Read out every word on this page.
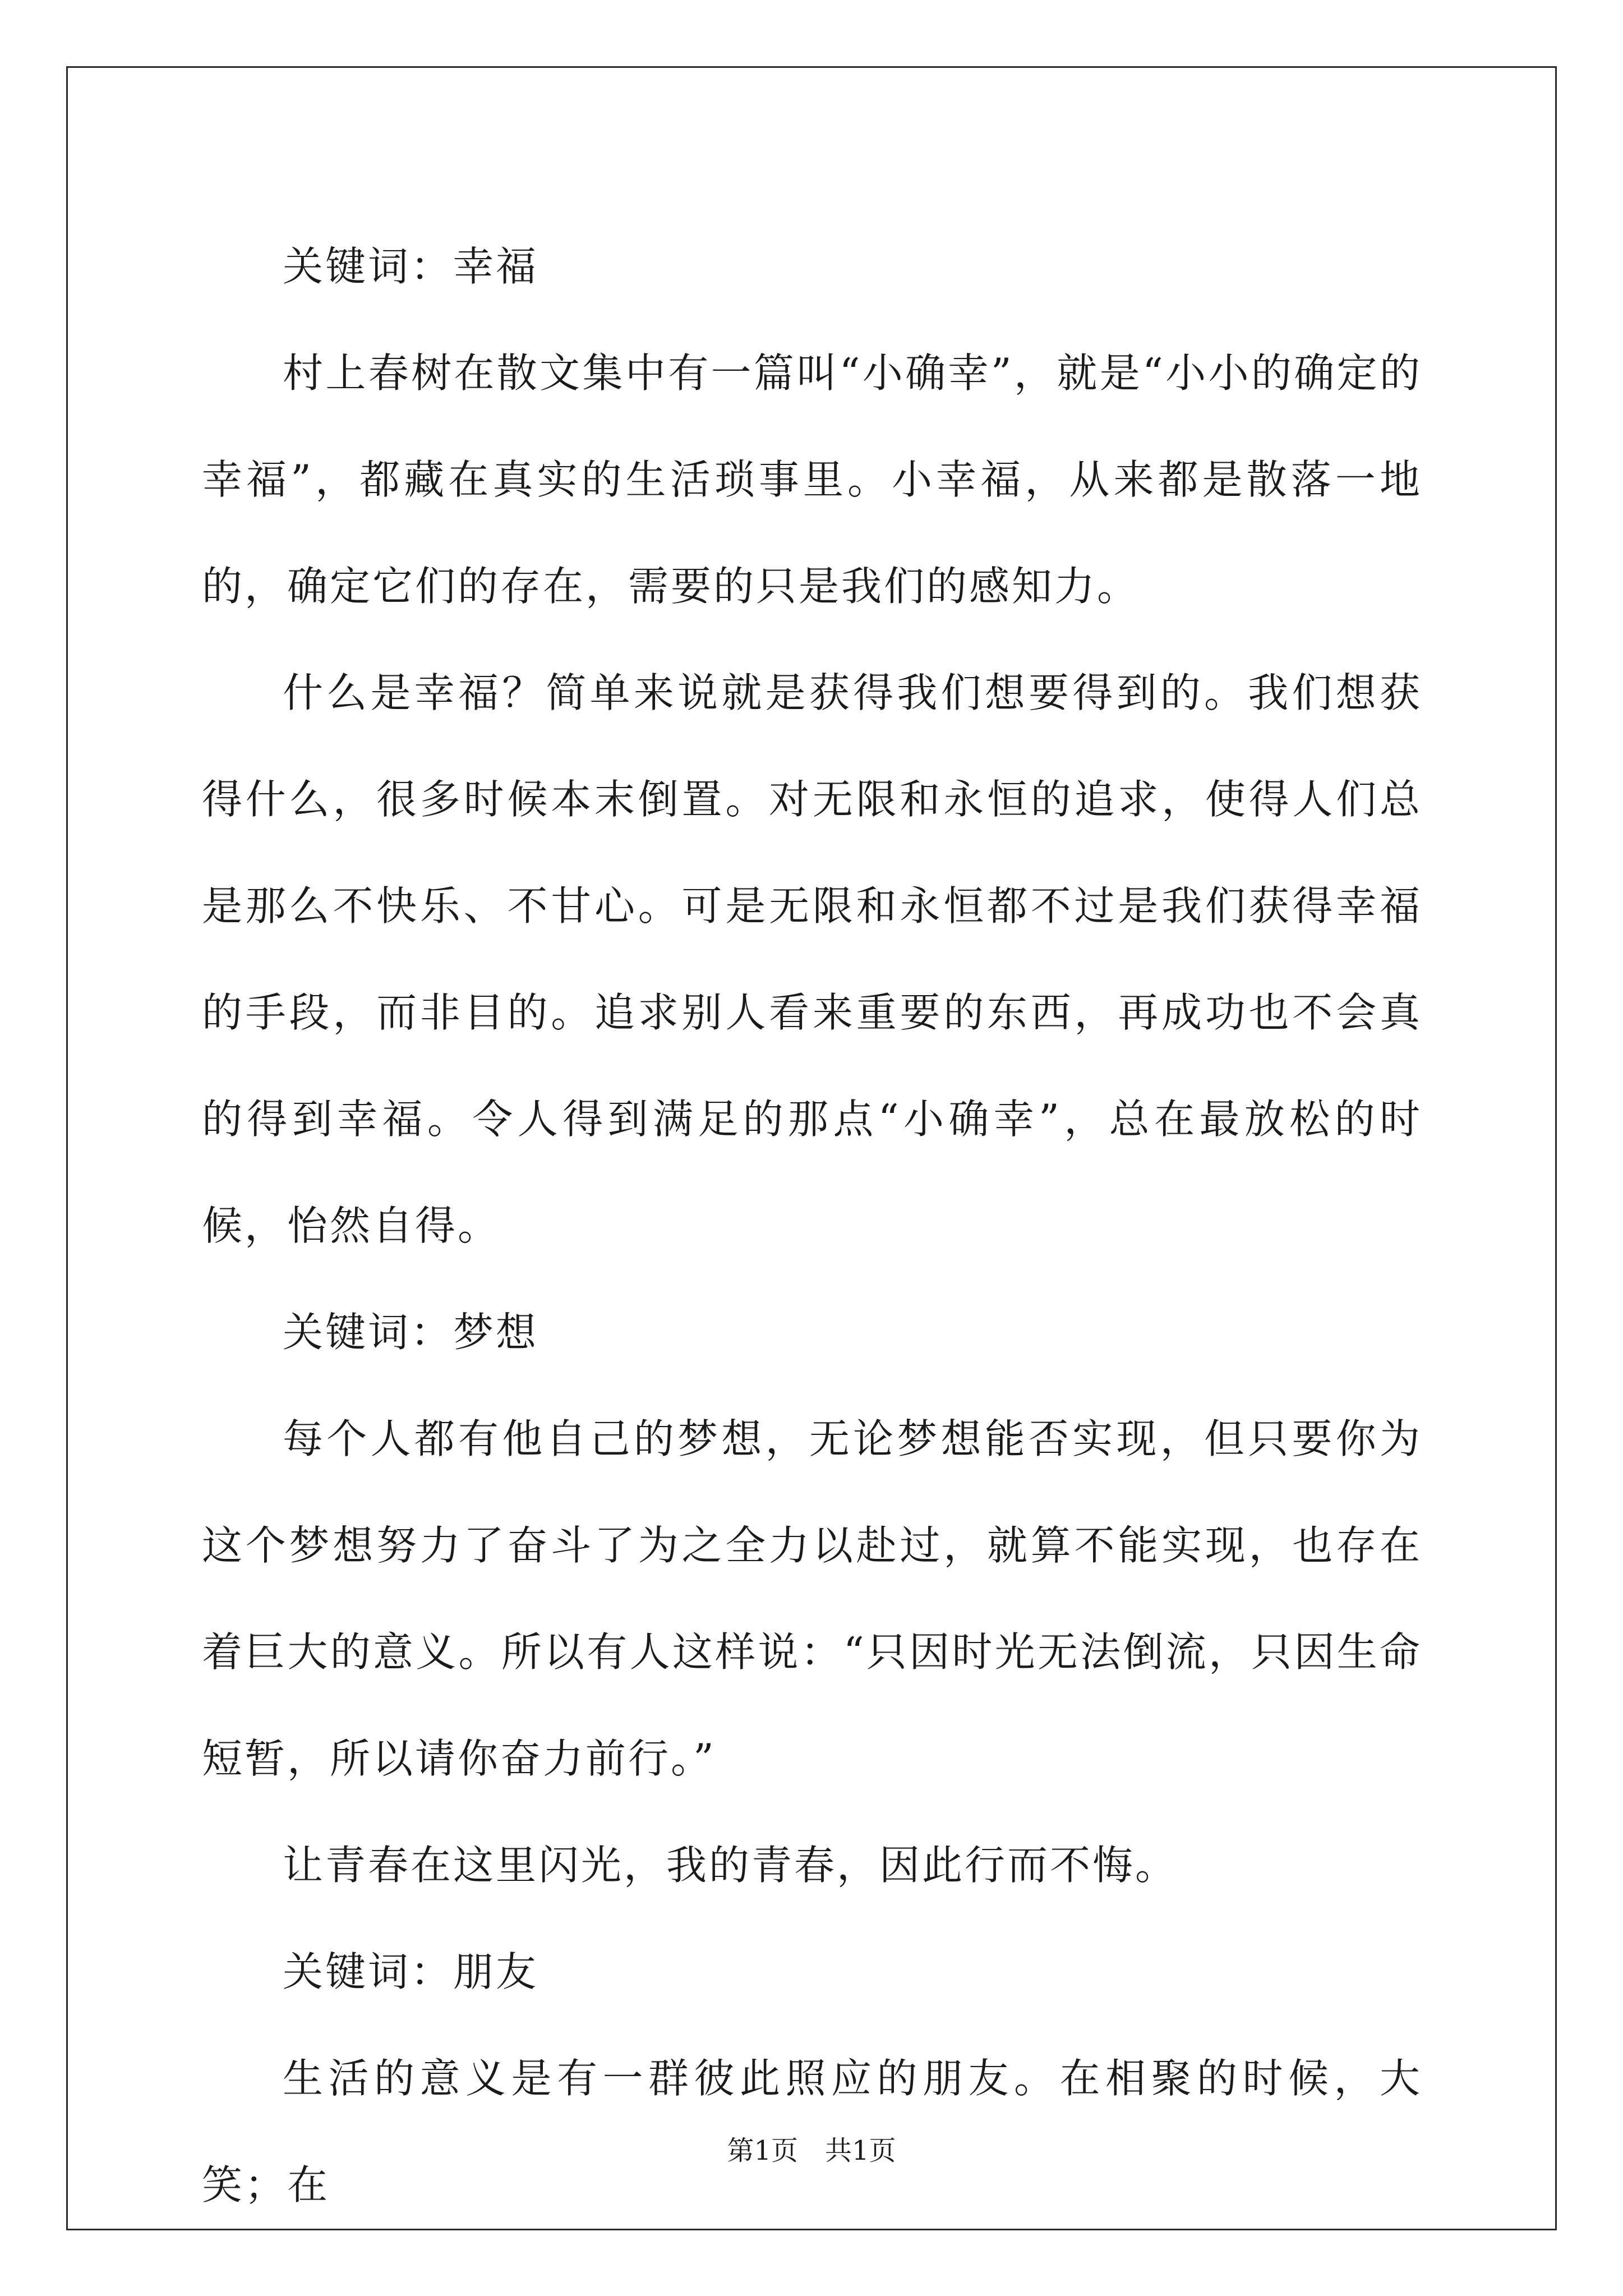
关键词：幸福

村上春树在散文集中有一篇叫“小确幸”，就是“小小的确定的幸福”，都藏在真实的生活琐事里。小幸福，从来都是散落一地的，确定它们的存在，需要的只是我们的感知力。

什么是幸福？简单来说就是获得我们想要得到的。我们想获得什么，很多时候本末倒置。对无限和永恒的追求，使得人们总是那么不快乐、不甘心。可是无限和永恒都不过是我们获得幸福的手段，而非目的。追求别人看来重要的东西，再成功也不会真的得到幸福。令人得到满足的那点“小确幸”，总在最放松的时候，怡然自得。

关键词：梦想

每个人都有他自己的梦想，无论梦想能否实现，但只要你为这个梦想努力了奋斗了为之全力以赴过，就算不能实现，也存在着巨大的意义。所以有人这样说：“只因时光无法倒流，只因生命短暂，所以请你奋力前行。”

让青春在这里闪光，我的青春，因此行而不悔。

关键词：朋友

生活的意义是有一群彼此照应的朋友。在相聚的时候，大笑；在

第1页 共1页
